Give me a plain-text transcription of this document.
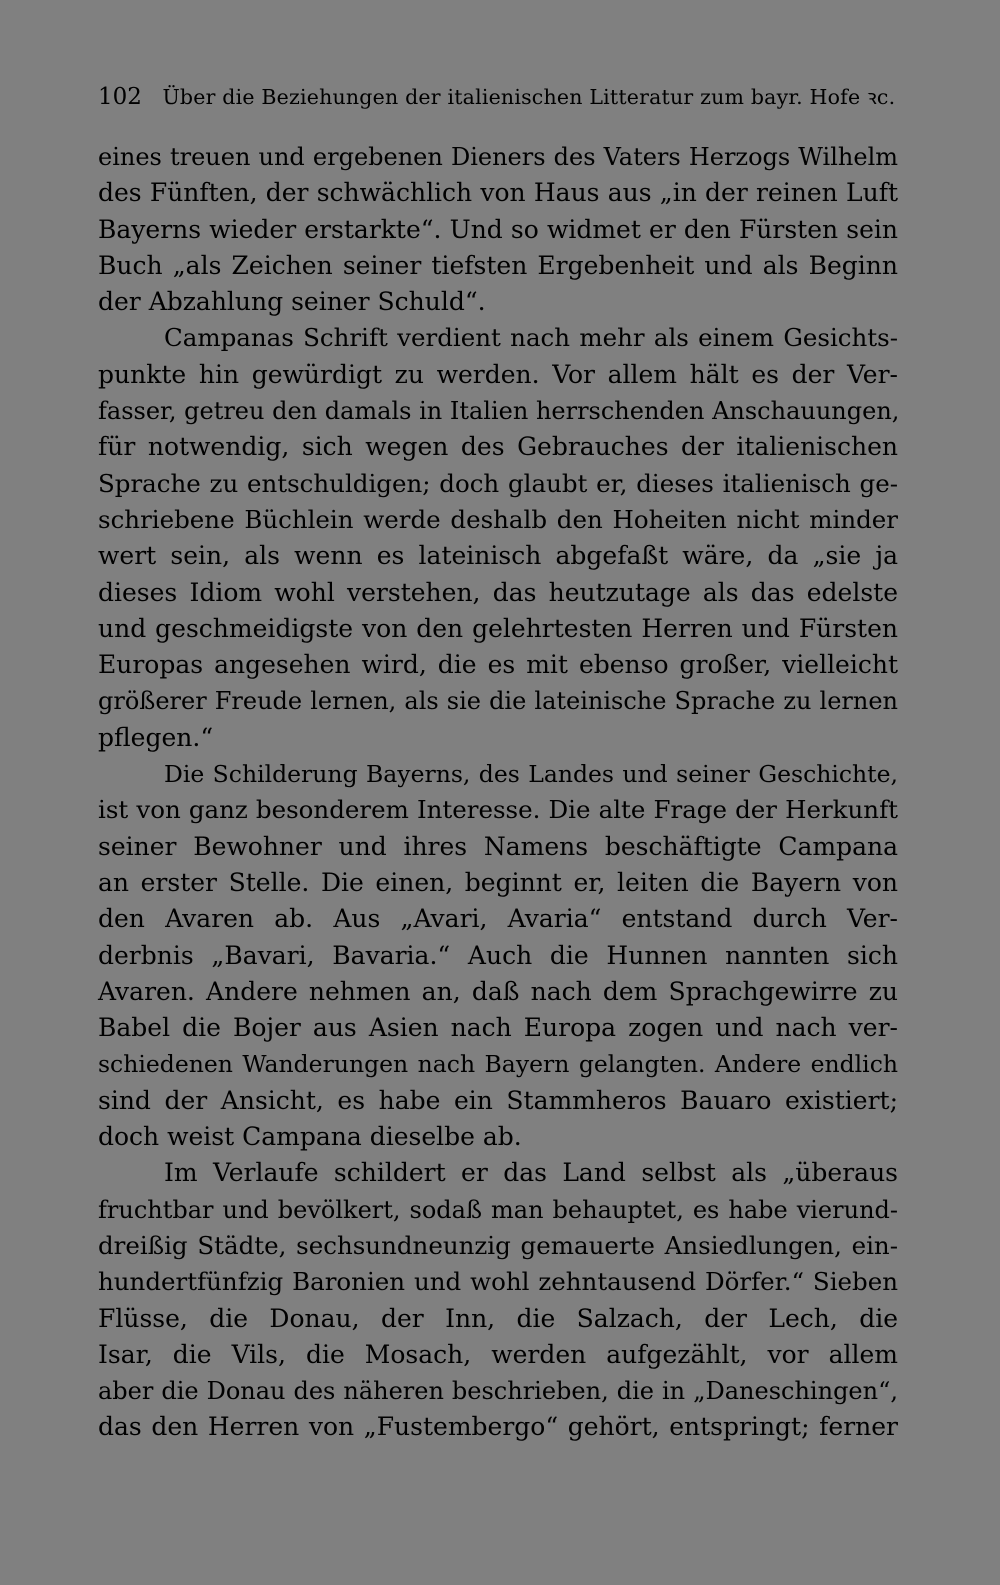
102 Über die Beziehungen der italienischen Litteratur zum bayr. Hofe ꝛc.
eines treuen und ergebenen Dieners des Vaters Herzogs Wilhelm
des Fünften, der schwächlich von Haus aus „in der reinen Luft
Bayerns wieder erstarkte“. Und so widmet er den Fürsten sein
Buch „als Zeichen seiner tiefsten Ergebenheit und als Beginn
der Abzahlung seiner Schuld“.
Campanas Schrift verdient nach mehr als einem Gesichts-
punkte hin gewürdigt zu werden. Vor allem hält es der Ver-
fasser, getreu den damals in Italien herrschenden Anschauungen,
für notwendig, sich wegen des Gebrauches der italienischen
Sprache zu entschuldigen; doch glaubt er, dieses italienisch ge-
schriebene Büchlein werde deshalb den Hoheiten nicht minder
wert sein, als wenn es lateinisch abgefaßt wäre, da „sie ja
dieses Idiom wohl verstehen, das heutzutage als das edelste
und geschmeidigste von den gelehrtesten Herren und Fürsten
Europas angesehen wird, die es mit ebenso großer, vielleicht
größerer Freude lernen, als sie die lateinische Sprache zu lernen
pflegen.“
Die Schilderung Bayerns, des Landes und seiner Geschichte,
ist von ganz besonderem Interesse. Die alte Frage der Herkunft
seiner Bewohner und ihres Namens beschäftigte Campana
an erster Stelle. Die einen, beginnt er, leiten die Bayern von
den Avaren ab. Aus „Avari, Avaria“ entstand durch Ver-
derbnis „Bavari, Bavaria.“ Auch die Hunnen nannten sich
Avaren. Andere nehmen an, daß nach dem Sprachgewirre zu
Babel die Bojer aus Asien nach Europa zogen und nach ver-
schiedenen Wanderungen nach Bayern gelangten. Andere endlich
sind der Ansicht, es habe ein Stammheros Bauaro existiert;
doch weist Campana dieselbe ab.
Im Verlaufe schildert er das Land selbst als „überaus
fruchtbar und bevölkert, sodaß man behauptet, es habe vierund-
dreißig Städte, sechsundneunzig gemauerte Ansiedlungen, ein-
hundertfünfzig Baronien und wohl zehntausend Dörfer.“ Sieben
Flüsse, die Donau, der Inn, die Salzach, der Lech, die
Isar, die Vils, die Mosach, werden aufgezählt, vor allem
aber die Donau des näheren beschrieben, die in „Daneschingen“,
das den Herren von „Fustembergo“ gehört, entspringt; ferner
